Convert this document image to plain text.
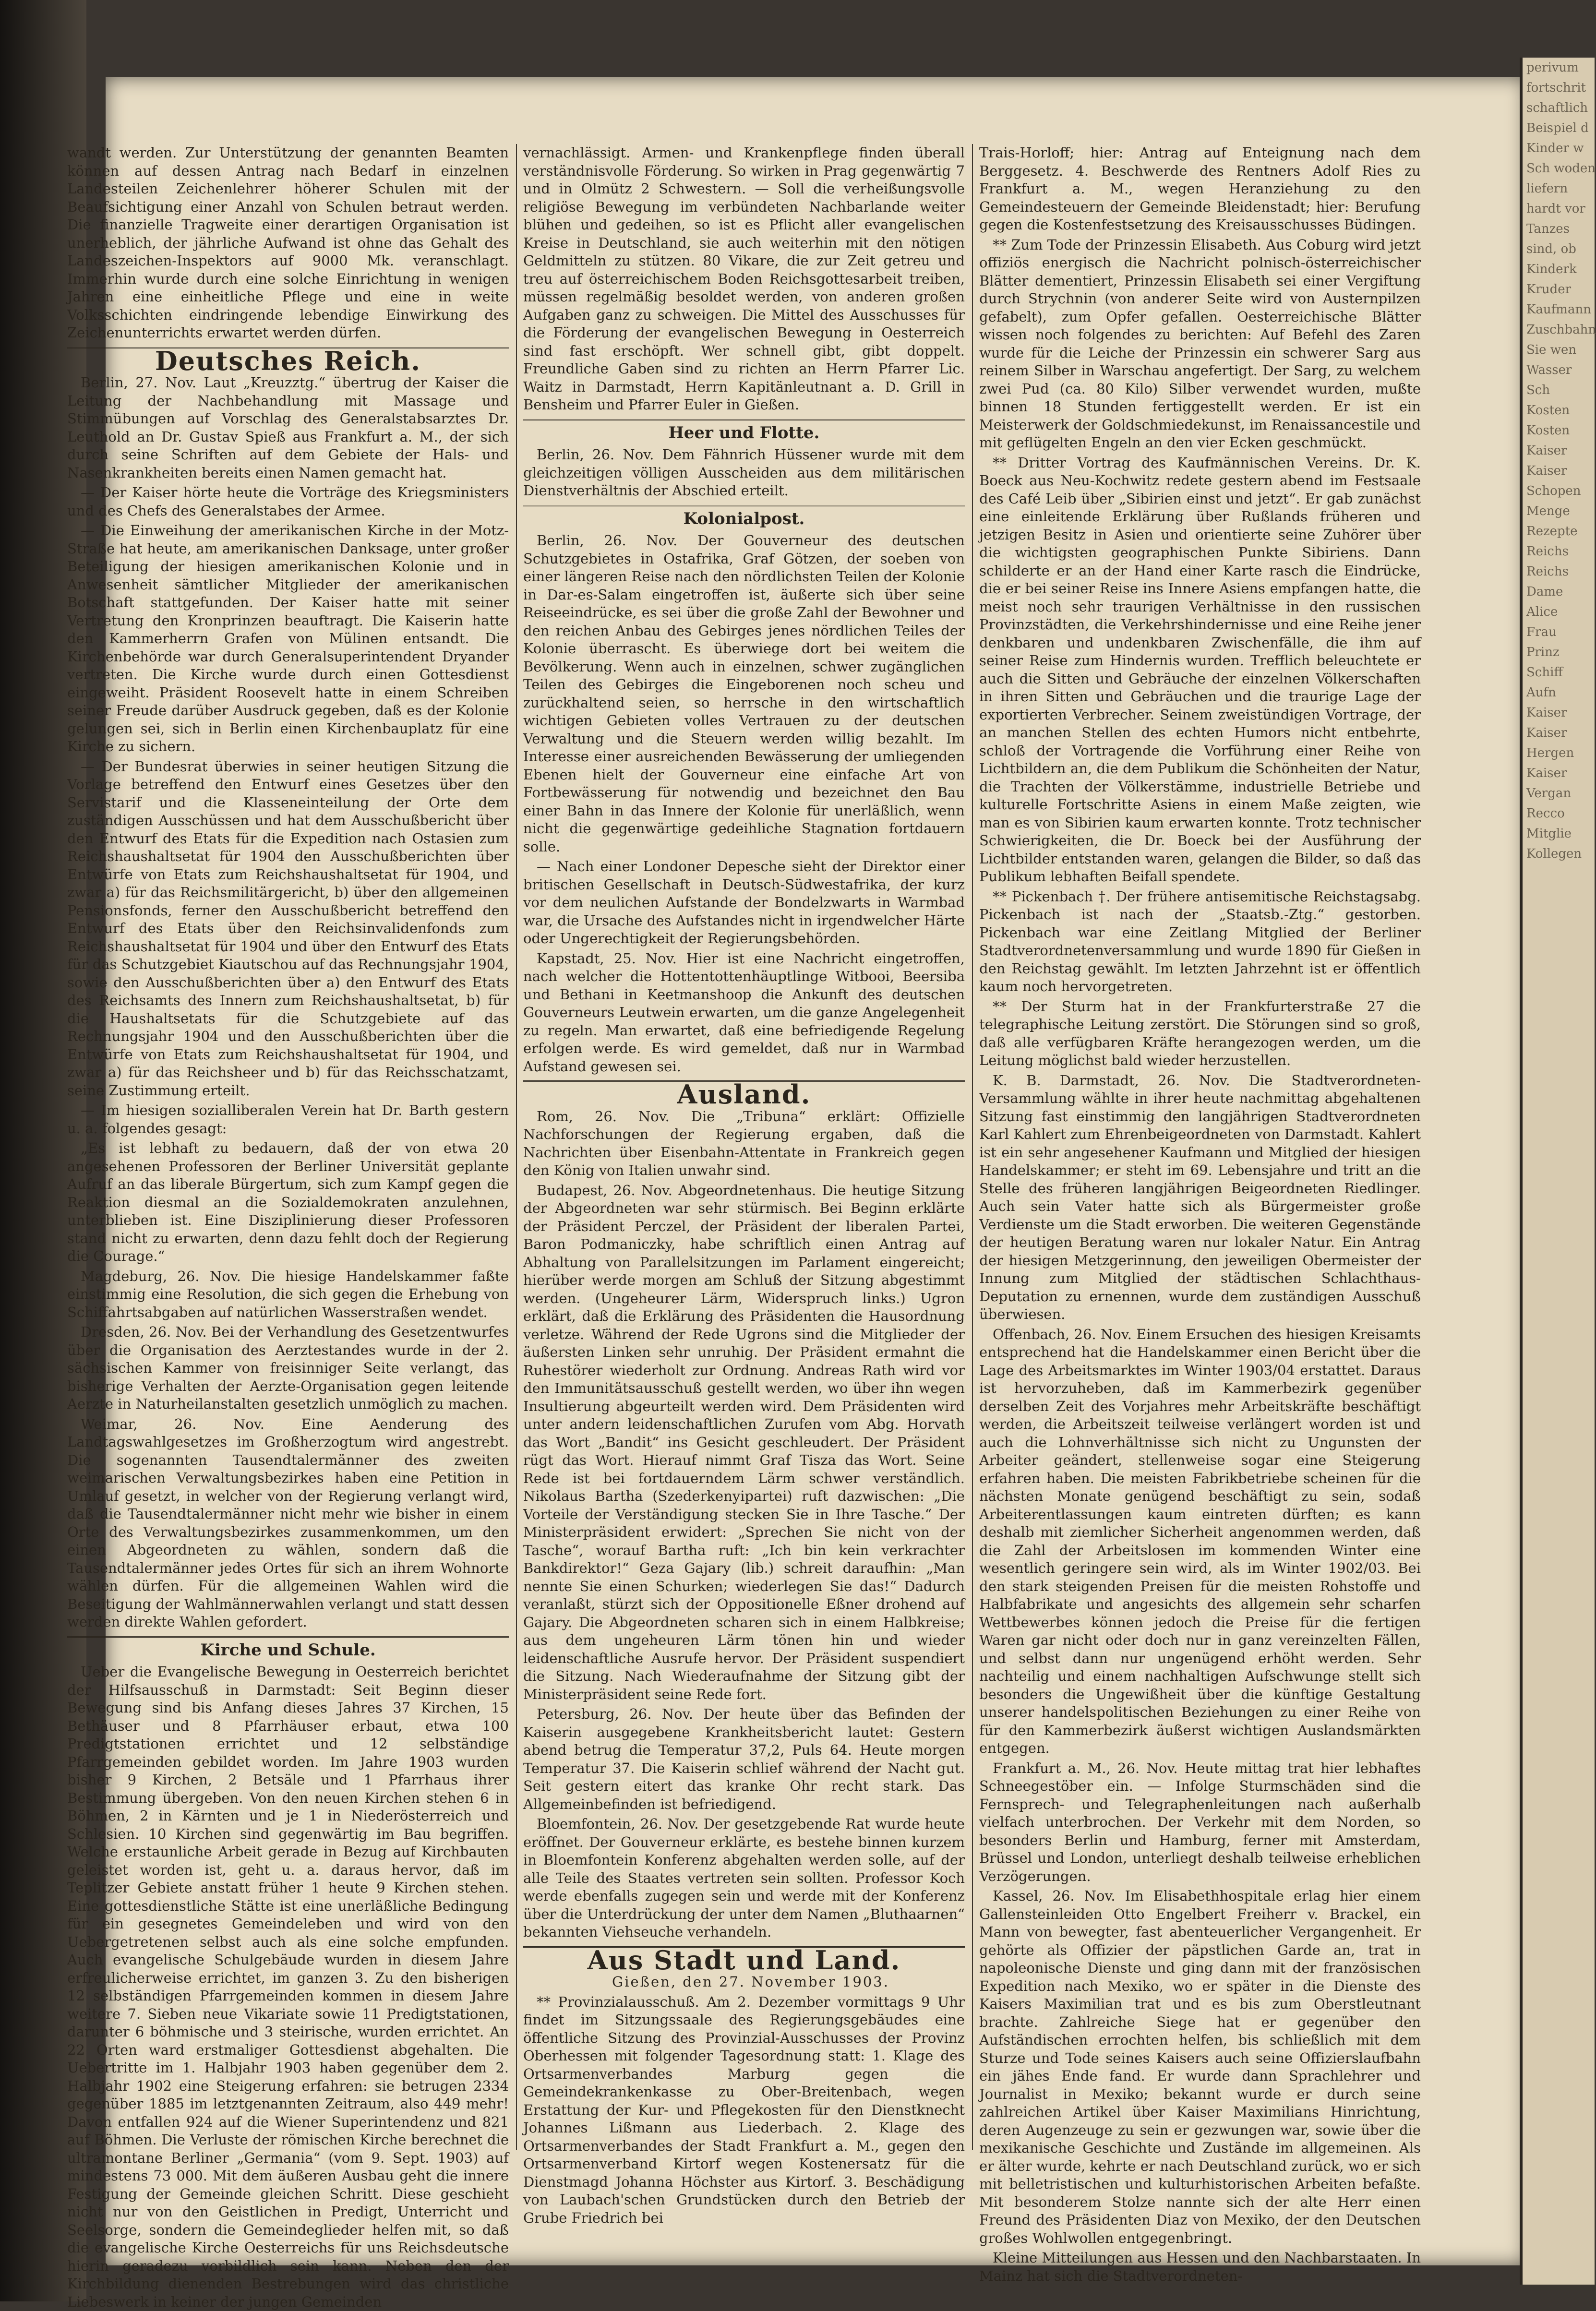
wandt werden. Zur Unterstützung der genannten Beamten können auf dessen Antrag nach Bedarf in einzelnen Landesteilen Zeichenlehrer höherer Schulen mit der Beaufsichtigung einer Anzahl von Schulen betraut werden. Die finanzielle Tragweite einer derartigen Organisation ist unerheblich, der jährliche Aufwand ist ohne das Gehalt des Landeszeichen-Inspektors auf 9000 Mk. veranschlagt. Immerhin wurde durch eine solche Einrichtung in wenigen Jahren eine einheitliche Pflege und eine in weite Volksschichten eindringende lebendige Einwirkung des Zeichenunterrichts erwartet werden dürfen.

Deutsches Reich.

Berlin, 27. Nov. Laut „Kreuzztg.“ übertrug der Kaiser die Leitung der Nachbehandlung mit Massage und Stimmübungen auf Vorschlag des Generalstabsarztes Dr. Leuthold an Dr. Gustav Spieß aus Frankfurt a. M., der sich durch seine Schriften auf dem Gebiete der Hals- und Nasenkrankheiten bereits einen Namen gemacht hat.

— Der Kaiser hörte heute die Vorträge des Kriegsministers und des Chefs des Generalstabes der Armee.

— Die Einweihung der amerikanischen Kirche in der Motz-Straße hat heute, am amerikanischen Danksage, unter großer Beteiligung der hiesigen amerikanischen Kolonie und in Anwesenheit sämtlicher Mitglieder der amerikanischen Botschaft stattgefunden. Der Kaiser hatte mit seiner Vertretung den Kronprinzen beauftragt. Die Kaiserin hatte den Kammerherrn Grafen von Mülinen entsandt. Die Kirchenbehörde war durch Generalsuperintendent Dryander vertreten. Die Kirche wurde durch einen Gottesdienst eingeweiht. Präsident Roosevelt hatte in einem Schreiben seiner Freude darüber Ausdruck gegeben, daß es der Kolonie gelungen sei, sich in Berlin einen Kirchenbauplatz für eine Kirche zu sichern.

— Der Bundesrat überwies in seiner heutigen Sitzung die Vorlage betreffend den Entwurf eines Gesetzes über den Servistarif und die Klasseneinteilung der Orte dem zuständigen Ausschüssen und hat dem Ausschußbericht über den Entwurf des Etats für die Expedition nach Ostasien zum Reichshaushaltsetat für 1904 den Ausschußberichten über Entwürfe von Etats zum Reichshaushaltsetat für 1904, und zwar a) für das Reichsmilitärgericht, b) über den allgemeinen Pensionsfonds, ferner den Ausschußbericht betreffend den Entwurf des Etats über den Reichsinvalidenfonds zum Reichshaushaltsetat für 1904 und über den Entwurf des Etats für das Schutzgebiet Kiautschou auf das Rechnungsjahr 1904, sowie den Ausschußberichten über a) den Entwurf des Etats des Reichsamts des Innern zum Reichshaushaltsetat, b) für die Haushaltsetats für die Schutzgebiete auf das Rechnungsjahr 1904 und den Ausschußberichten über die Entwürfe von Etats zum Reichshaushaltsetat für 1904, und zwar a) für das Reichsheer und b) für das Reichsschatzamt, seine Zustimmung erteilt.

— Im hiesigen sozialliberalen Verein hat Dr. Barth gestern u. a. folgendes gesagt:

„Es ist lebhaft zu bedauern, daß der von etwa 20 angesehenen Professoren der Berliner Universität geplante Aufruf an das liberale Bürgertum, sich zum Kampf gegen die Reaktion diesmal an die Sozialdemokraten anzulehnen, unterblieben ist. Eine Disziplinierung dieser Professoren stand nicht zu erwarten, denn dazu fehlt doch der Regierung die Courage.“

Magdeburg, 26. Nov. Die hiesige Handelskammer faßte einstimmig eine Resolution, die sich gegen die Erhebung von Schiffahrtsabgaben auf natürlichen Wasserstraßen wendet.

Dresden, 26. Nov. Bei der Verhandlung des Gesetzentwurfes über die Organisation des Aerztestandes wurde in der 2. sächsischen Kammer von freisinniger Seite verlangt, das bisherige Verhalten der Aerzte-Organisation gegen leitende Aerzte in Naturheilanstalten gesetzlich unmöglich zu machen.

Weimar, 26. Nov. Eine Aenderung des Landtagswahlgesetzes im Großherzogtum wird angestrebt. Die sogenannten Tausendtalermänner des zweiten weimarischen Verwaltungsbezirkes haben eine Petition in Umlauf gesetzt, in welcher von der Regierung verlangt wird, daß die Tausendtalermänner nicht mehr wie bisher in einem Orte des Verwaltungsbezirkes zusammenkommen, um den einen Abgeordneten zu wählen, sondern daß die Tausendtalermänner jedes Ortes für sich an ihrem Wohnorte wählen dürfen. Für die allgemeinen Wahlen wird die Beseitigung der Wahlmännerwahlen verlangt und statt dessen werden direkte Wahlen gefordert.

Kirche und Schule.

Ueber die Evangelische Bewegung in Oesterreich berichtet der Hilfsausschuß in Darmstadt: Seit Beginn dieser Bewegung sind bis Anfang dieses Jahres 37 Kirchen, 15 Bethäuser und 8 Pfarrhäuser erbaut, etwa 100 Predigtstationen errichtet und 12 selbständige Pfarrgemeinden gebildet worden. Im Jahre 1903 wurden bisher 9 Kirchen, 2 Betsäle und 1 Pfarrhaus ihrer Bestimmung übergeben. Von den neuen Kirchen stehen 6 in Böhmen, 2 in Kärnten und je 1 in Niederösterreich und Schlesien. 10 Kirchen sind gegenwärtig im Bau begriffen. Welche erstaunliche Arbeit gerade in Bezug auf Kirchbauten geleistet worden ist, geht u. a. daraus hervor, daß im Teplitzer Gebiete anstatt früher 1 heute 9 Kirchen stehen. Eine gottesdienstliche Stätte ist eine unerläßliche Bedingung für ein gesegnetes Gemeindeleben und wird von den Uebergetretenen selbst auch als eine solche empfunden. Auch evangelische Schulgebäude wurden in diesem Jahre erfreulicherweise errichtet, im ganzen 3. Zu den bisherigen 12 selbständigen Pfarrgemeinden kommen in diesem Jahre weitere 7. Sieben neue Vikariate sowie 11 Predigtstationen, darunter 6 böhmische und 3 steirische, wurden errichtet. An 22 Orten ward erstmaliger Gottesdienst abgehalten. Die Uebertritte im 1. Halbjahr 1903 haben gegenüber dem 2. Halbjahr 1902 eine Steigerung erfahren: sie betrugen 2334 gegenüber 1885 im letztgenannten Zeitraum, also 449 mehr! Davon entfallen 924 auf die Wiener Superintendenz und 821 auf Böhmen. Die Verluste der römischen Kirche berechnet die ultramontane Berliner „Germania“ (vom 9. Sept. 1903) auf mindestens 73 000. Mit dem äußeren Ausbau geht die innere Festigung der Gemeinde gleichen Schritt. Diese geschieht nicht nur von den Geistlichen in Predigt, Unterricht und Seelsorge, sondern die Gemeindeglieder helfen mit, so daß die evangelische Kirche Oesterreichs für uns Reichsdeutsche hierin geradezu vorbildlich sein kann. Neben den der Kirchbildung dienenden Bestrebungen wird das christliche Liebeswerk in keiner der jungen Gemeinden

vernachlässigt. Armen- und Krankenpflege finden überall verständnisvolle Förderung. So wirken in Prag gegenwärtig 7 und in Olmütz 2 Schwestern. — Soll die verheißungsvolle religiöse Bewegung im verbündeten Nachbarlande weiter blühen und gedeihen, so ist es Pflicht aller evangelischen Kreise in Deutschland, sie auch weiterhin mit den nötigen Geldmitteln zu stützen. 80 Vikare, die zur Zeit getreu und treu auf österreichischem Boden Reichsgottesarbeit treiben, müssen regelmäßig besoldet werden, von anderen großen Aufgaben ganz zu schweigen. Die Mittel des Ausschusses für die Förderung der evangelischen Bewegung in Oesterreich sind fast erschöpft. Wer schnell gibt, gibt doppelt. Freundliche Gaben sind zu richten an Herrn Pfarrer Lic. Waitz in Darmstadt, Herrn Kapitänleutnant a. D. Grill in Bensheim und Pfarrer Euler in Gießen.

Heer und Flotte.

Berlin, 26. Nov. Dem Fähnrich Hüssener wurde mit dem gleichzeitigen völligen Ausscheiden aus dem militärischen Dienstverhältnis der Abschied erteilt.

Kolonialpost.

Berlin, 26. Nov. Der Gouverneur des deutschen Schutzgebietes in Ostafrika, Graf Götzen, der soeben von einer längeren Reise nach den nördlichsten Teilen der Kolonie in Dar-es-Salam eingetroffen ist, äußerte sich über seine Reiseeindrücke, es sei über die große Zahl der Bewohner und den reichen Anbau des Gebirges jenes nördlichen Teiles der Kolonie überrascht. Es überwiege dort bei weitem die Bevölkerung. Wenn auch in einzelnen, schwer zugänglichen Teilen des Gebirges die Eingeborenen noch scheu und zurückhaltend seien, so herrsche in den wirtschaftlich wichtigen Gebieten volles Vertrauen zu der deutschen Verwaltung und die Steuern werden willig bezahlt. Im Interesse einer ausreichenden Bewässerung der umliegenden Ebenen hielt der Gouverneur eine einfache Art von Fortbewässerung für notwendig und bezeichnet den Bau einer Bahn in das Innere der Kolonie für unerläßlich, wenn nicht die gegenwärtige gedeihliche Stagnation fortdauern solle.

— Nach einer Londoner Depesche sieht der Direktor einer britischen Gesellschaft in Deutsch-Südwestafrika, der kurz vor dem neulichen Aufstande der Bondelzwarts in Warmbad war, die Ursache des Aufstandes nicht in irgendwelcher Härte oder Ungerechtigkeit der Regierungsbehörden.

Kapstadt, 25. Nov. Hier ist eine Nachricht eingetroffen, nach welcher die Hottentottenhäuptlinge Witbooi, Beersiba und Bethani in Keetmanshoop die Ankunft des deutschen Gouverneurs Leutwein erwarten, um die ganze Angelegenheit zu regeln. Man erwartet, daß eine befriedigende Regelung erfolgen werde. Es wird gemeldet, daß nur in Warmbad Aufstand gewesen sei.

Ausland.

Rom, 26. Nov. Die „Tribuna“ erklärt: Offizielle Nachforschungen der Regierung ergaben, daß die Nachrichten über Eisenbahn-Attentate in Frankreich gegen den König von Italien unwahr sind.

Budapest, 26. Nov. Abgeordnetenhaus. Die heutige Sitzung der Abgeordneten war sehr stürmisch. Bei Beginn erklärte der Präsident Perczel, der Präsident der liberalen Partei, Baron Podmaniczky, habe schriftlich einen Antrag auf Abhaltung von Parallelsitzungen im Parlament eingereicht; hierüber werde morgen am Schluß der Sitzung abgestimmt werden. (Ungeheurer Lärm, Widerspruch links.) Ugron erklärt, daß die Erklärung des Präsidenten die Hausordnung verletze. Während der Rede Ugrons sind die Mitglieder der äußersten Linken sehr unruhig. Der Präsident ermahnt die Ruhestörer wiederholt zur Ordnung. Andreas Rath wird vor den Immunitätsausschuß gestellt werden, wo über ihn wegen Insultierung abgeurteilt werden wird. Dem Präsidenten wird unter andern leidenschaftlichen Zurufen vom Abg. Horvath das Wort „Bandit“ ins Gesicht geschleudert. Der Präsident rügt das Wort. Hierauf nimmt Graf Tisza das Wort. Seine Rede ist bei fortdauerndem Lärm schwer verständlich. Nikolaus Bartha (Szederkenyipartei) ruft dazwischen: „Die Vorteile der Verständigung stecken Sie in Ihre Tasche.“ Der Ministerpräsident erwidert: „Sprechen Sie nicht von der Tasche“, worauf Bartha ruft: „Ich bin kein verkrachter Bankdirektor!“ Geza Gajary (lib.) schreit daraufhin: „Man nennte Sie einen Schurken; wiederlegen Sie das!“ Dadurch veranlaßt, stürzt sich der Oppositionelle Eßner drohend auf Gajary. Die Abgeordneten scharen sich in einem Halbkreise; aus dem ungeheuren Lärm tönen hin und wieder leidenschaftliche Ausrufe hervor. Der Präsident suspendiert die Sitzung. Nach Wiederaufnahme der Sitzung gibt der Ministerpräsident seine Rede fort.

Petersburg, 26. Nov. Der heute über das Befinden der Kaiserin ausgegebene Krankheitsbericht lautet: Gestern abend betrug die Temperatur 37,2, Puls 64. Heute morgen Temperatur 37. Die Kaiserin schlief während der Nacht gut. Seit gestern eitert das kranke Ohr recht stark. Das Allgemeinbefinden ist befriedigend.

Bloemfontein, 26. Nov. Der gesetzgebende Rat wurde heute eröffnet. Der Gouverneur erklärte, es bestehe binnen kurzem in Bloemfontein Konferenz abgehalten werden solle, auf der alle Teile des Staates vertreten sein sollten. Professor Koch werde ebenfalls zugegen sein und werde mit der Konferenz über die Unterdrückung der unter dem Namen „Bluthaarnen“ bekannten Viehseuche verhandeln.

Aus Stadt und Land.

Gießen, den 27. November 1903.

** Provinzialausschuß. Am 2. Dezember vormittags 9 Uhr findet im Sitzungssaale des Regierungsgebäudes eine öffentliche Sitzung des Provinzial-Ausschusses der Provinz Oberhessen mit folgender Tagesordnung statt: 1. Klage des Ortsarmenverbandes Marburg gegen die Gemeindekrankenkasse zu Ober-Breitenbach, wegen Erstattung der Kur- und Pflegekosten für den Dienstknecht Johannes Lißmann aus Liederbach. 2. Klage des Ortsarmenverbandes der Stadt Frankfurt a. M., gegen den Ortsarmenverband Kirtorf wegen Kostenersatz für die Dienstmagd Johanna Höchster aus Kirtorf. 3. Beschädigung von Laubach'schen Grundstücken durch den Betrieb der Grube Friedrich bei

Trais-Horloff; hier: Antrag auf Enteignung nach dem Berggesetz. 4. Beschwerde des Rentners Adolf Ries zu Frankfurt a. M., wegen Heranziehung zu den Gemeindesteuern der Gemeinde Bleidenstadt; hier: Berufung gegen die Kostenfestsetzung des Kreisausschusses Büdingen.

** Zum Tode der Prinzessin Elisabeth. Aus Coburg wird jetzt offiziös energisch die Nachricht polnisch-österreichischer Blätter dementiert, Prinzessin Elisabeth sei einer Vergiftung durch Strychnin (von anderer Seite wird von Austernpilzen gefabelt), zum Opfer gefallen. Oesterreichische Blätter wissen noch folgendes zu berichten: Auf Befehl des Zaren wurde für die Leiche der Prinzessin ein schwerer Sarg aus reinem Silber in Warschau angefertigt. Der Sarg, zu welchem zwei Pud (ca. 80 Kilo) Silber verwendet wurden, mußte binnen 18 Stunden fertiggestellt werden. Er ist ein Meisterwerk der Goldschmiedekunst, im Renaissancestile und mit geflügelten Engeln an den vier Ecken geschmückt.

** Dritter Vortrag des Kaufmännischen Vereins. Dr. K. Boeck aus Neu-Kochwitz redete gestern abend im Festsaale des Café Leib über „Sibirien einst und jetzt“. Er gab zunächst eine einleitende Erklärung über Rußlands früheren und jetzigen Besitz in Asien und orientierte seine Zuhörer über die wichtigsten geographischen Punkte Sibiriens. Dann schilderte er an der Hand einer Karte rasch die Eindrücke, die er bei seiner Reise ins Innere Asiens empfangen hatte, die meist noch sehr traurigen Verhältnisse in den russischen Provinzstädten, die Verkehrshindernisse und eine Reihe jener denkbaren und undenkbaren Zwischenfälle, die ihm auf seiner Reise zum Hindernis wurden. Trefflich beleuchtete er auch die Sitten und Gebräuche der einzelnen Völkerschaften in ihren Sitten und Gebräuchen und die traurige Lage der exportierten Verbrecher. Seinem zweistündigen Vortrage, der an manchen Stellen des echten Humors nicht entbehrte, schloß der Vortragende die Vorführung einer Reihe von Lichtbildern an, die dem Publikum die Schönheiten der Natur, die Trachten der Völkerstämme, industrielle Betriebe und kulturelle Fortschritte Asiens in einem Maße zeigten, wie man es von Sibirien kaum erwarten konnte. Trotz technischer Schwierigkeiten, die Dr. Boeck bei der Ausführung der Lichtbilder entstanden waren, gelangen die Bilder, so daß das Publikum lebhaften Beifall spendete.

** Pickenbach †. Der frühere antisemitische Reichstagsabg. Pickenbach ist nach der „Staatsb.-Ztg.“ gestorben. Pickenbach war eine Zeitlang Mitglied der Berliner Stadtverordnetenversammlung und wurde 1890 für Gießen in den Reichstag gewählt. Im letzten Jahrzehnt ist er öffentlich kaum noch hervorgetreten.

** Der Sturm hat in der Frankfurterstraße 27 die telegraphische Leitung zerstört. Die Störungen sind so groß, daß alle verfügbaren Kräfte herangezogen werden, um die Leitung möglichst bald wieder herzustellen.

K. B. Darmstadt, 26. Nov. Die Stadtverordneten-Versammlung wählte in ihrer heute nachmittag abgehaltenen Sitzung fast einstimmig den langjährigen Stadtverordneten Karl Kahlert zum Ehrenbeigeordneten von Darmstadt. Kahlert ist ein sehr angesehener Kaufmann und Mitglied der hiesigen Handelskammer; er steht im 69. Lebensjahre und tritt an die Stelle des früheren langjährigen Beigeordneten Riedlinger. Auch sein Vater hatte sich als Bürgermeister große Verdienste um die Stadt erworben. Die weiteren Gegenstände der heutigen Beratung waren nur lokaler Natur. Ein Antrag der hiesigen Metzgerinnung, den jeweiligen Obermeister der Innung zum Mitglied der städtischen Schlachthaus-Deputation zu ernennen, wurde dem zuständigen Ausschuß überwiesen.

Offenbach, 26. Nov. Einem Ersuchen des hiesigen Kreisamts entsprechend hat die Handelskammer einen Bericht über die Lage des Arbeitsmarktes im Winter 1903/04 erstattet. Daraus ist hervorzuheben, daß im Kammerbezirk gegenüber derselben Zeit des Vorjahres mehr Arbeitskräfte beschäftigt werden, die Arbeitszeit teilweise verlängert worden ist und auch die Lohnverhältnisse sich nicht zu Ungunsten der Arbeiter geändert, stellenweise sogar eine Steigerung erfahren haben. Die meisten Fabrikbetriebe scheinen für die nächsten Monate genügend beschäftigt zu sein, sodaß Arbeiterentlassungen kaum eintreten dürften; es kann deshalb mit ziemlicher Sicherheit angenommen werden, daß die Zahl der Arbeitslosen im kommenden Winter eine wesentlich geringere sein wird, als im Winter 1902/03. Bei den stark steigenden Preisen für die meisten Rohstoffe und Halbfabrikate und angesichts des allgemein sehr scharfen Wettbewerbes können jedoch die Preise für die fertigen Waren gar nicht oder doch nur in ganz vereinzelten Fällen, und selbst dann nur ungenügend erhöht werden. Sehr nachteilig und einem nachhaltigen Aufschwunge stellt sich besonders die Ungewißheit über die künftige Gestaltung unserer handelspolitischen Beziehungen zu einer Reihe von für den Kammerbezirk äußerst wichtigen Auslandsmärkten entgegen.

Frankfurt a. M., 26. Nov. Heute mittag trat hier lebhaftes Schneegestöber ein. — Infolge Sturmschäden sind die Fernsprech- und Telegraphenleitungen nach außerhalb vielfach unterbrochen. Der Verkehr mit dem Norden, so besonders Berlin und Hamburg, ferner mit Amsterdam, Brüssel und London, unterliegt deshalb teilweise erheblichen Verzögerungen.

Kassel, 26. Nov. Im Elisabethhospitale erlag hier einem Gallensteinleiden Otto Engelbert Freiherr v. Brackel, ein Mann von bewegter, fast abenteuerlicher Vergangenheit. Er gehörte als Offizier der päpstlichen Garde an, trat in napoleonische Dienste und ging dann mit der französischen Expedition nach Mexiko, wo er später in die Dienste des Kaisers Maximilian trat und es bis zum Oberstleutnant brachte. Zahlreiche Siege hat er gegenüber den Aufständischen errochten helfen, bis schließlich mit dem Sturze und Tode seines Kaisers auch seine Offizierslaufbahn ein jähes Ende fand. Er wurde dann Sprachlehrer und Journalist in Mexiko; bekannt wurde er durch seine zahlreichen Artikel über Kaiser Maximilians Hinrichtung, deren Augenzeuge zu sein er gezwungen war, sowie über die mexikanische Geschichte und Zustände im allgemeinen. Als er älter wurde, kehrte er nach Deutschland zurück, wo er sich mit belletristischen und kulturhistorischen Arbeiten befaßte. Mit besonderem Stolze nannte sich der alte Herr einen Freund des Präsidenten Diaz von Mexiko, der den Deutschen großes Wohlwollen entgegenbringt.

Kleine Mitteilungen aus Hessen und den Nachbarstaaten. In Mainz hat sich die Stadtverordneten-

perivum
fortschrit
schaftlich
Beispiel d
Kinder w
Sch woden
liefern
hardt vor
Tanzes
sind, ob
Kinderk
Kruder
Kaufmann
Zuschbahn
Sie wen
Wasser
Sch
Kosten
Kosten
Kaiser
Kaiser
Schopen
Menge
Rezepte
Reichs
Reichs
Dame
Alice
Frau
Prinz
Schiff
Aufn
Kaiser
Kaiser
Hergen
Kaiser
Vergan
Recco
Mitglie
Kollegen
